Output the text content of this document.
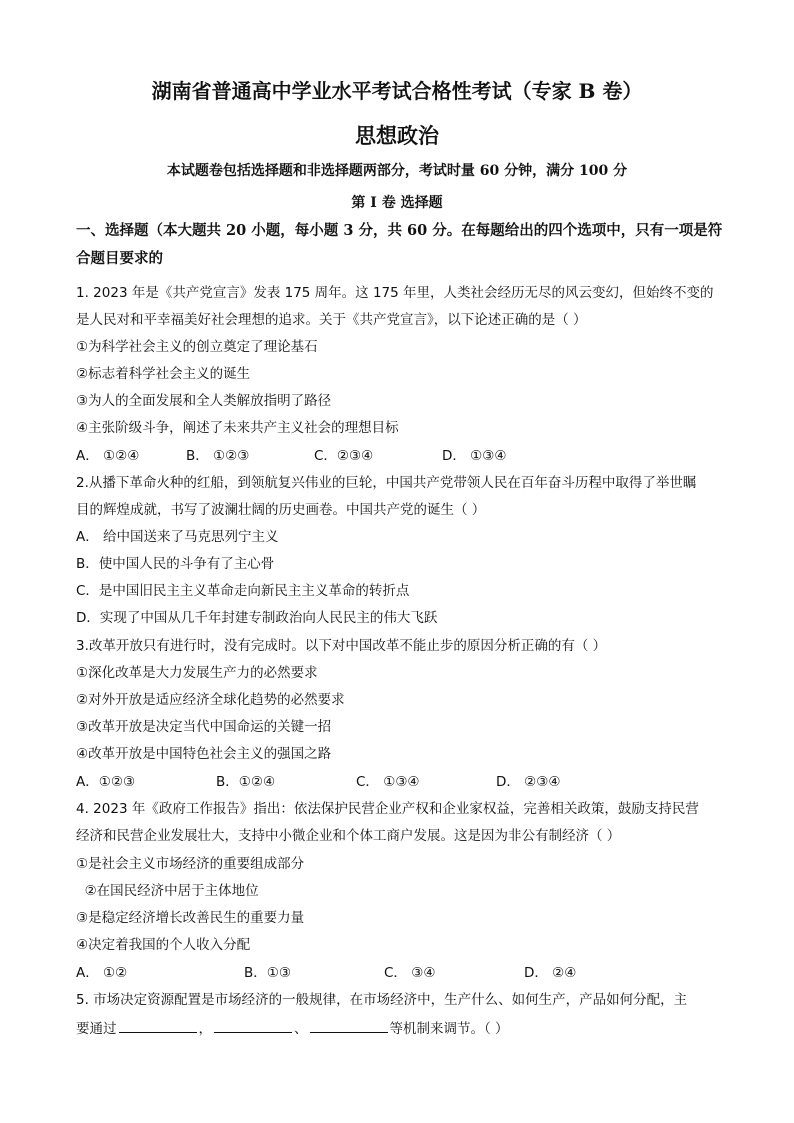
湖南省普通高中学业水平考试合格性考试（专家 B 卷）
思想政治
本试题卷包括选择题和非选择题两部分，考试时量 60 分钟，满分 100 分
第 I 卷 选择题
一、选择题（本大题共 20 小题，每小题 3 分，共 60 分。在每题给出的四个选项中，只有一项是符合题目要求的
1. 2023 年是《共产党宣言》发表 175 周年。这 175 年里，人类社会经历无尽的风云变幻，但始终不变的
是人民对和平幸福美好社会理想的追求。关于《共产党宣言》，以下论述正确的是（ ）
①为科学社会主义的创立奠定了理论基石
②标志着科学社会主义的诞生
③为人的全面发展和全人类解放指明了路径
④主张阶级斗争，阐述了未来共产主义社会的理想目标
A． ①②④	B． ①②③	C．②③④	D． ①③④
2.从播下革命火种的红船，到领航复兴伟业的巨轮，中国共产党带领人民在百年奋斗历程中取得了举世瞩
目的辉煌成就，书写了波澜壮阔的历史画卷。中国共产党的诞生（ ）
A． 给中国送来了马克思列宁主义
B．使中国人民的斗争有了主心骨
C．是中国旧民主主义革命走向新民主主义革命的转折点
D．实现了中国从几千年封建专制政治向人民民主的伟大飞跃
3.改革开放只有进行时，没有完成时。以下对中国改革不能止步的原因分析正确的有（ ）
①深化改革是大力发展生产力的必然要求
②对外开放是适应经济全球化趋势的必然要求
③改革开放是决定当代中国命运的关键一招
④改革开放是中国特色社会主义的强国之路
A．①②③	B．①②④	C． ①③④	D． ②③④
4. 2023 年《政府工作报告》指出：依法保护民营企业产权和企业家权益，完善相关政策，鼓励支持民营
经济和民营企业发展壮大，支持中小微企业和个体工商户发展。这是因为非公有制经济（ ）
①是社会主义市场经济的重要组成部分
②在国民经济中居于主体地位
③是稳定经济增长改善民生的重要力量
④决定着我国的个人收入分配
A． ①②	B．①③	C． ③④	D． ②④
5. 市场决定资源配置是市场经济的一般规律，在市场经济中，生产什么、如何生产，产品如何分配，主
要通过	，	、	等机制来调节。（ ）
